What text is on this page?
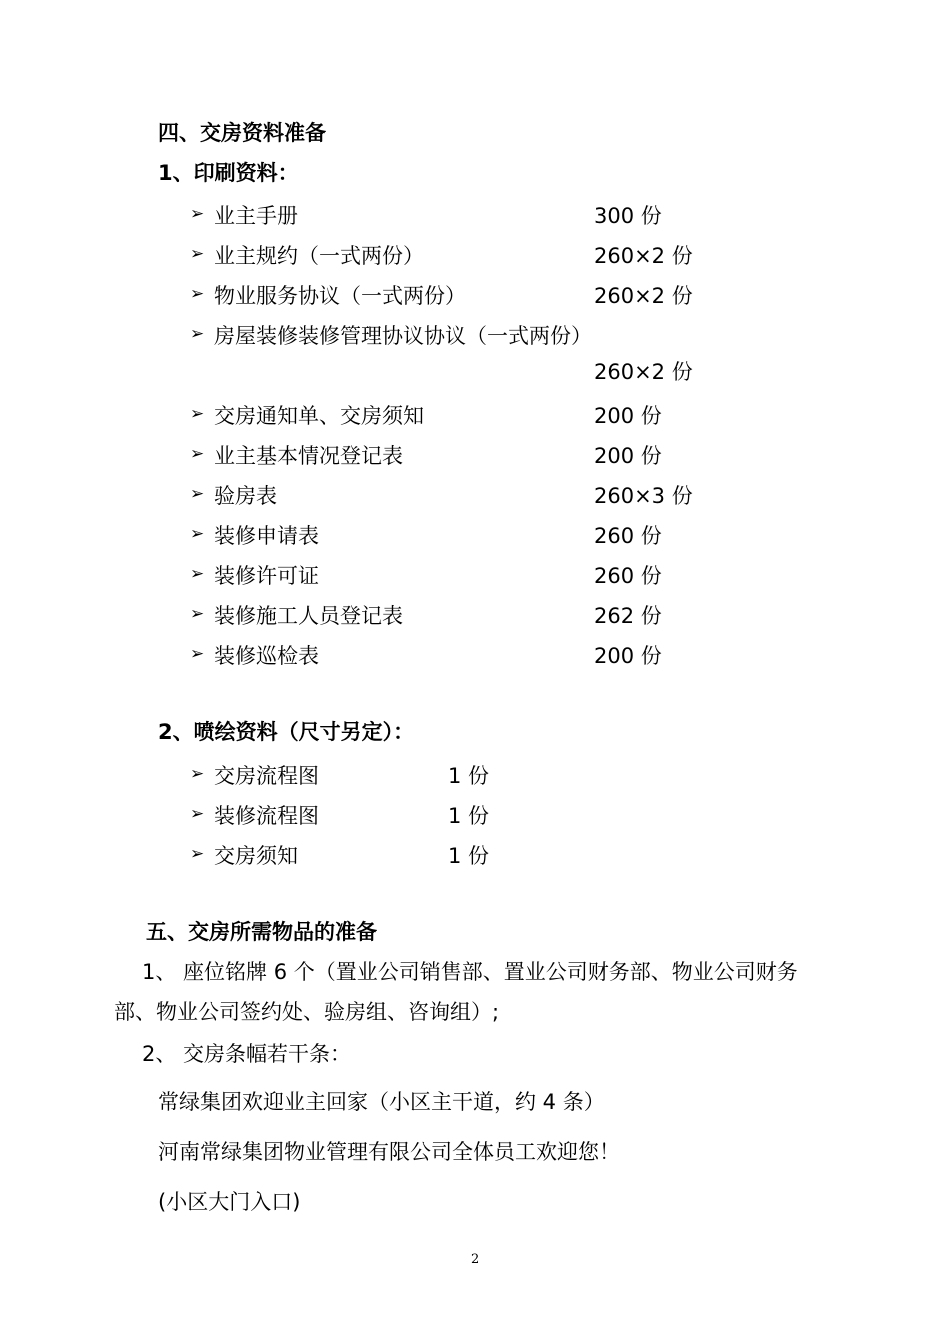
四、交房资料准备
1、印刷资料：
➢ 业主手册	300 份
➢ 业主规约（一式两份）	260×2 份
➢ 物业服务协议（一式两份）	260×2 份
➢ 房屋装修装修管理协议协议（一式两份）
260×2 份
➢ 交房通知单、交房须知	200 份
➢ 业主基本情况登记表	200 份
➢ 验房表	260×3 份
➢ 装修申请表	260 份
➢ 装修许可证	260 份
➢ 装修施工人员登记表	262 份
➢ 装修巡检表	200 份
2、喷绘资料（尺寸另定）：
➢ 交房流程图	1 份
➢ 装修流程图	1 份
➢ 交房须知	1 份
五、交房所需物品的准备
1、 座位铭牌 6 个（置业公司销售部、置业公司财务部、物业公司财务
部、物业公司签约处、验房组、咨询组）;
2、 交房条幅若干条：
常绿集团欢迎业主回家（小区主干道，约 4 条）
河南常绿集团物业管理有限公司全体员工欢迎您！
(小区大门入口)
2
